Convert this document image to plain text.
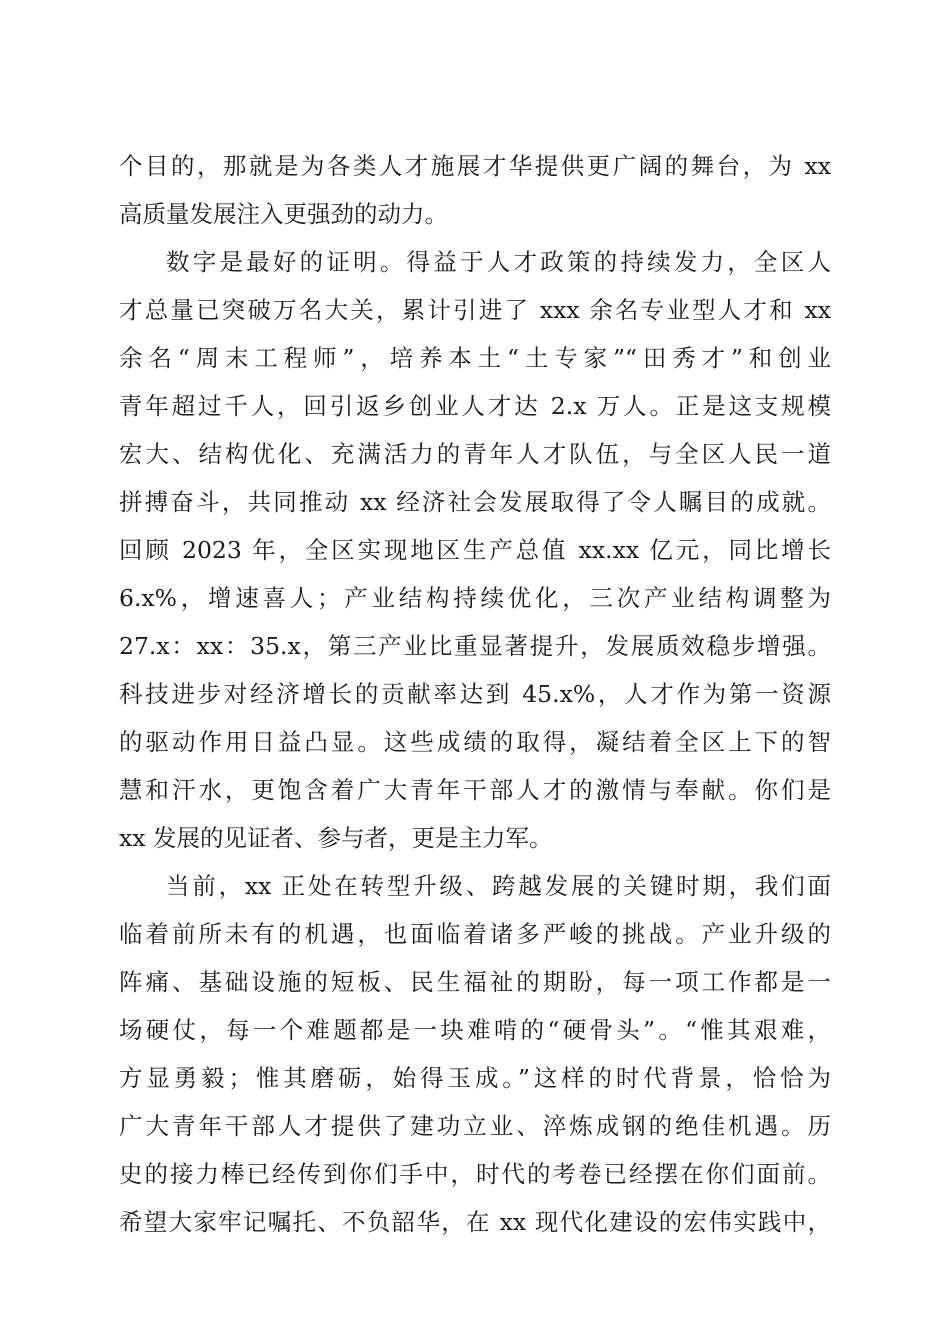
个目的，那就是为各类人才施展才华提供更广阔的舞台，为 xx
高质量发展注入更强劲的动力。
数字是最好的证明。得益于人才政策的持续发力，全区人
才总量已突破万名大关，累计引进了 xxx 余名专业型人才和 xx
余名“周末工程师”，培养本土“土专家”“田秀才”和创业
青年超过千人，回引返乡创业人才达 2.x 万人。正是这支规模
宏大、结构优化、充满活力的青年人才队伍，与全区人民一道
拼搏奋斗，共同推动 xx 经济社会发展取得了令人瞩目的成就。
回顾 2023 年，全区实现地区生产总值 xx.xx 亿元，同比增长
6.x%，增速喜人；产业结构持续优化，三次产业结构调整为
27.x：xx：35.x，第三产业比重显著提升，发展质效稳步增强。
科技进步对经济增长的贡献率达到 45.x%，人才作为第一资源
的驱动作用日益凸显。这些成绩的取得，凝结着全区上下的智
慧和汗水，更饱含着广大青年干部人才的激情与奉献。你们是
xx 发展的见证者、参与者，更是主力军。
当前，xx 正处在转型升级、跨越发展的关键时期，我们面
临着前所未有的机遇，也面临着诸多严峻的挑战。产业升级的
阵痛、基础设施的短板、民生福祉的期盼，每一项工作都是一
场硬仗，每一个难题都是一块难啃的“硬骨头”。“惟其艰难，
方显勇毅；惟其磨砺，始得玉成。”这样的时代背景，恰恰为
广大青年干部人才提供了建功立业、淬炼成钢的绝佳机遇。历
史的接力棒已经传到你们手中，时代的考卷已经摆在你们面前。
希望大家牢记嘱托、不负韶华，在 xx 现代化建设的宏伟实践中，
